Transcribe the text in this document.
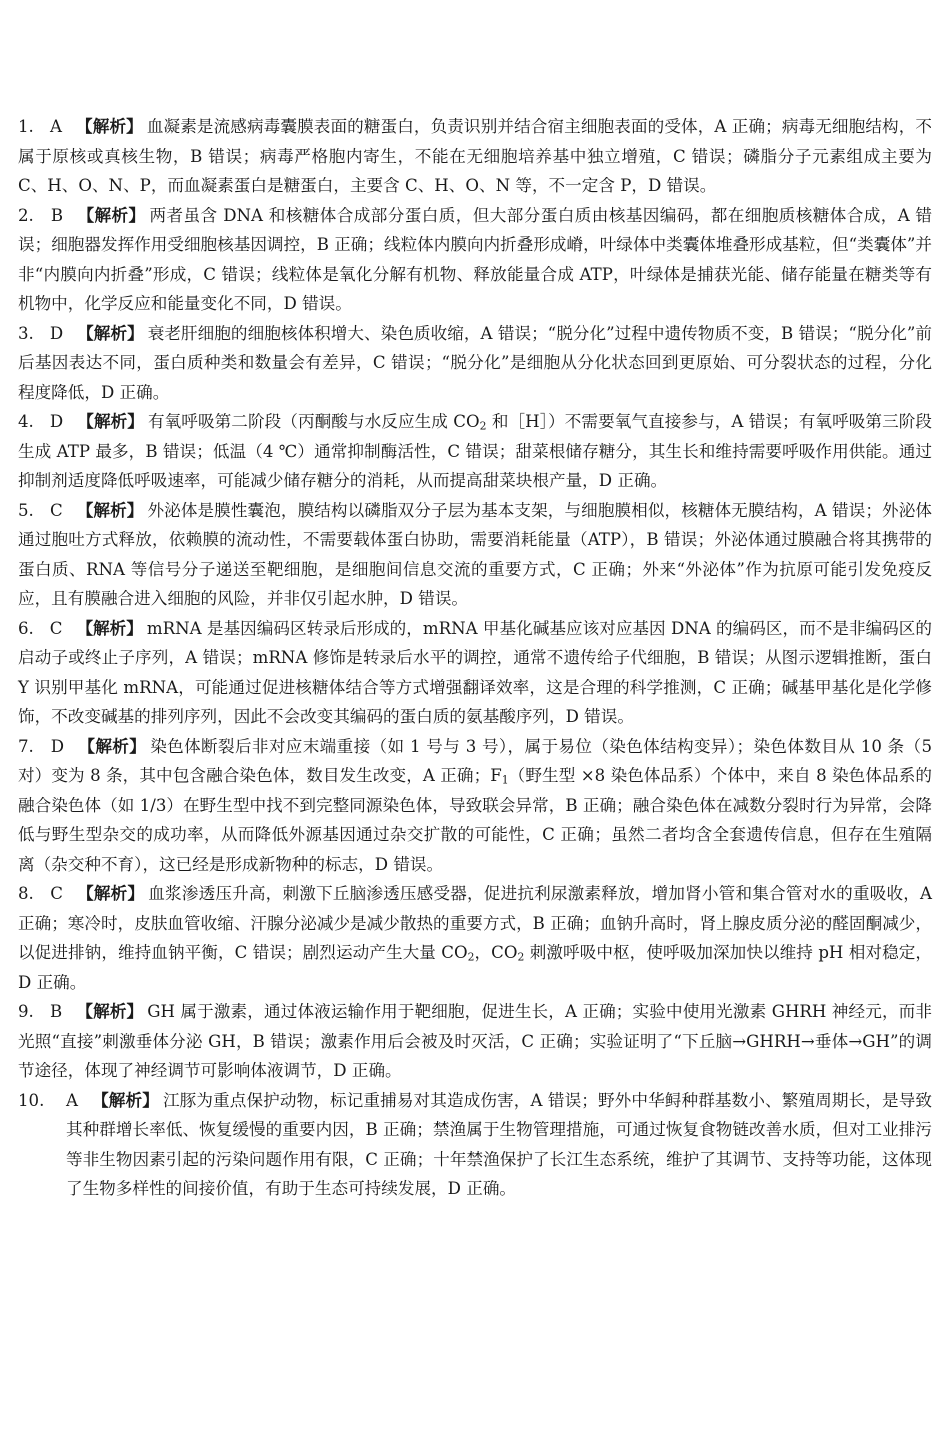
1.   A 【解析】 血凝素是流感病毒囊膜表面的糖蛋白，负责识别并结合宿主细胞表面的受体，A 正确；病毒无细胞结构，不属于原核或真核生物，B 错误；病毒严格胞内寄生，不能在无细胞培养基中独立增殖，C 错误；磷脂分子元素组成主要为 C、H、O、N、P，而血凝素蛋白是糖蛋白，主要含 C、H、O、N 等，不一定含 P，D 错误。
2.   B 【解析】 两者虽含 DNA 和核糖体合成部分蛋白质，但大部分蛋白质由核基因编码，都在细胞质核糖体合成，A 错误；细胞器发挥作用受细胞核基因调控，B 正确；线粒体内膜向内折叠形成嵴，叶绿体中类囊体堆叠形成基粒，但“类囊体”并非“内膜向内折叠”形成，C 错误；线粒体是氧化分解有机物、释放能量合成 ATP，叶绿体是捕获光能、储存能量在糖类等有机物中，化学反应和能量变化不同，D 错误。
3.   D 【解析】 衰老肝细胞的细胞核体积增大、染色质收缩，A 错误；“脱分化”过程中遗传物质不变，B 错误；“脱分化”前后基因表达不同，蛋白质种类和数量会有差异，C 错误；“脱分化”是细胞从分化状态回到更原始、可分裂状态的过程，分化程度降低，D 正确。
4.   D 【解析】 有氧呼吸第二阶段（丙酮酸与水反应生成 $CO_2$ 和［H］）不需要氧气直接参与，A 错误；有氧呼吸第三阶段生成 ATP 最多，B 错误；低温（4 ℃）通常抑制酶活性，C 错误；甜菜根储存糖分，其生长和维持需要呼吸作用供能。通过抑制剂适度降低呼吸速率，可能减少储存糖分的消耗，从而提高甜菜块根产量，D 正确。
5.   C 【解析】 外泌体是膜性囊泡，膜结构以磷脂双分子层为基本支架，与细胞膜相似，核糖体无膜结构，A 错误；外泌体通过胞吐方式释放，依赖膜的流动性，不需要载体蛋白协助，需要消耗能量（ATP），B 错误；外泌体通过膜融合将其携带的蛋白质、RNA 等信号分子递送至靶细胞，是细胞间信息交流的重要方式，C 正确；外来“外泌体”作为抗原可能引发免疫反应，且有膜融合进入细胞的风险，并非仅引起水肿，D 错误。
6.   C 【解析】 mRNA 是基因编码区转录后形成的，mRNA 甲基化碱基应该对应基因 DNA 的编码区，而不是非编码区的启动子或终止子序列，A 错误；mRNA 修饰是转录后水平的调控，通常不遗传给子代细胞，B 错误；从图示逻辑推断，蛋白 Y 识别甲基化 mRNA，可能通过促进核糖体结合等方式增强翻译效率，这是合理的科学推测，C 正确；碱基甲基化是化学修饰，不改变碱基的排列序列，因此不会改变其编码的蛋白质的氨基酸序列，D 错误。
7.   D 【解析】 染色体断裂后非对应末端重接（如 1 号与 3 号），属于易位（染色体结构变异）；染色体数目从 10 条（5 对）变为 8 条，其中包含融合染色体，数目发生改变，A 正确；$F_1$（野生型 ×8 染色体品系）个体中，来自 8 染色体品系的融合染色体（如 1/3）在野生型中找不到完整同源染色体，导致联会异常，B 正确；融合染色体在减数分裂时行为异常，会降低与野生型杂交的成功率，从而降低外源基因通过杂交扩散的可能性，C 正确；虽然二者均含全套遗传信息，但存在生殖隔离（杂交种不育），这已经是形成新物种的标志，D 错误。
8.   C 【解析】 血浆渗透压升高，刺激下丘脑渗透压感受器，促进抗利尿激素释放，增加肾小管和集合管对水的重吸收，A 正确；寒冷时，皮肤血管收缩、汗腺分泌减少是减少散热的重要方式，B 正确；血钠升高时，肾上腺皮质分泌的醛固酮减少，以促进排钠，维持血钠平衡，C 错误；剧烈运动产生大量 $CO_2$，$CO_2$ 刺激呼吸中枢，使呼吸加深加快以维持 pH 相对稳定，D 正确。
9.   B 【解析】 GH 属于激素，通过体液运输作用于靶细胞，促进生长，A 正确；实验中使用光激素 GHRH 神经元，而非光照“直接”刺激垂体分泌 GH，B 错误；激素作用后会被及时灭活，C 正确；实验证明了“下丘脑→GHRH→垂体→GH”的调节途径，体现了神经调节可影响体液调节，D 正确。
10.	A 【解析】 江豚为重点保护动物，标记重捕易对其造成伤害，A 错误；野外中华鲟种群基数小、繁殖周期长，是导致其种群增长率低、恢复缓慢的重要内因，B 正确；禁渔属于生物管理措施，可通过恢复食物链改善水质，但对工业排污等非生物因素引起的污染问题作用有限，C 正确；十年禁渔保护了长江生态系统，维护了其调节、支持等功能，这体现了生物多样性的间接价值，有助于生态可持续发展，D 正确。
